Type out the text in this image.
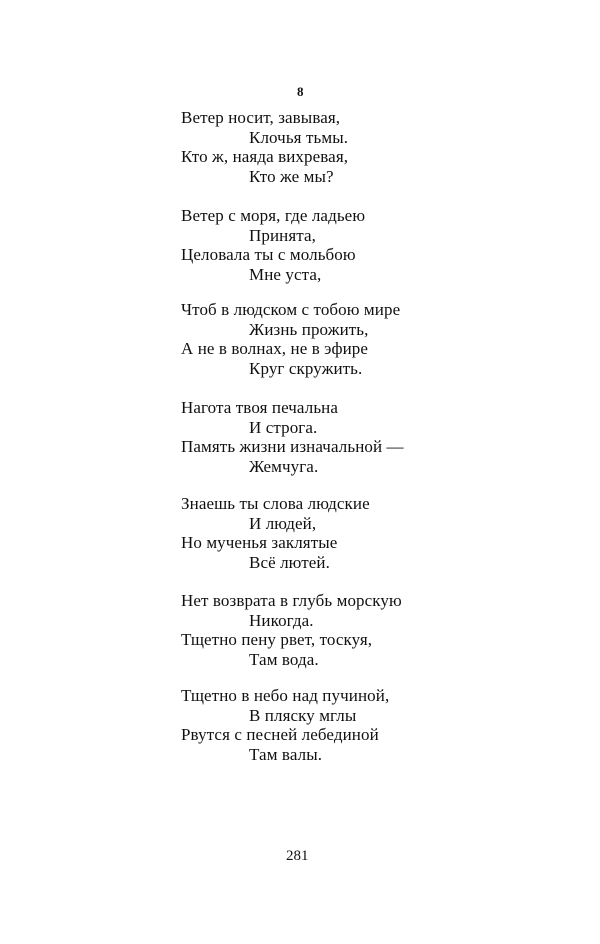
8
Ветер носит, завывая,
Клочья тьмы.
Кто ж, наяда вихревая,
Кто же мы?
Ветер с моря, где ладьею
Принята,
Целовала ты с мольбою
Мне уста,
Чтоб в людском с тобою мире
Жизнь прожить,
А не в волнах, не в эфире
Круг скружить.
Нагота твоя печальна
И строга.
Память жизни изначальной —
Жемчуга.
Знаешь ты слова людские
И людей,
Но мученья заклятые
Всё лютей.
Нет возврата в глубь морскую
Никогда.
Тщетно пену рвет, тоскуя,
Там вода.
Тщетно в небо над пучиной,
В пляску мглы
Рвутся с песней лебединой
Там валы.
281
